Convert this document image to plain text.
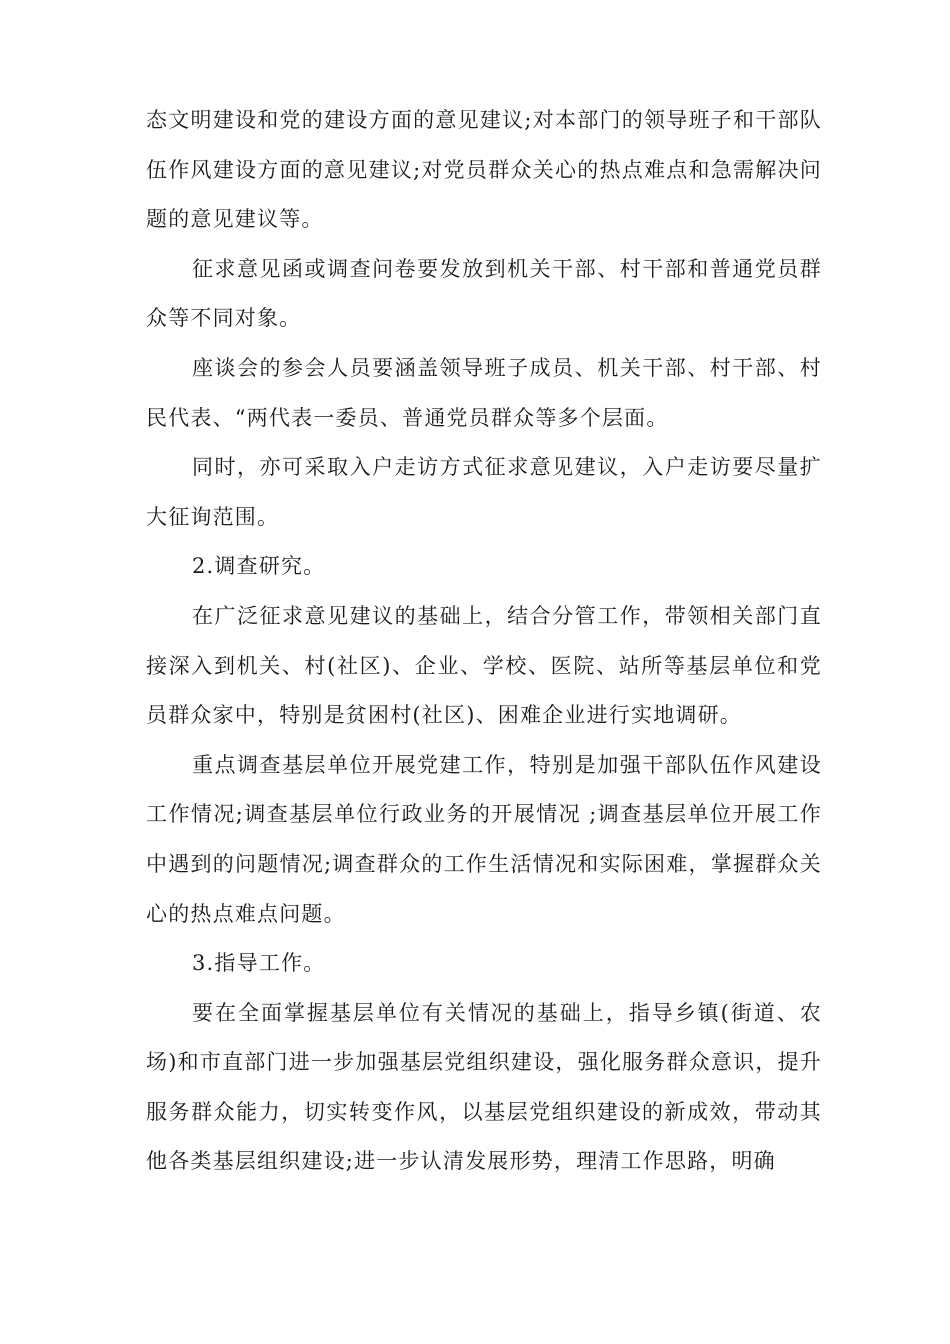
态文明建设和党的建设方面的意见建议;对本部门的领导班子和干部队伍作风建设方面的意见建议;对党员群众关心的热点难点和急需解决问题的意见建议等。

征求意见函或调查问卷要发放到机关干部、村干部和普通党员群众等不同对象。

座谈会的参会人员要涵盖领导班子成员、机关干部、村干部、村民代表、“两代表一委员、普通党员群众等多个层面。

同时，亦可采取入户走访方式征求意见建议，入户走访要尽量扩大征询范围。

2.调查研究。

在广泛征求意见建议的基础上，结合分管工作，带领相关部门直接深入到机关、村(社区)、企业、学校、医院、站所等基层单位和党员群众家中，特别是贫困村(社区)、困难企业进行实地调研。

重点调查基层单位开展党建工作，特别是加强干部队伍作风建设工作情况;调查基层单位行政业务的开展情况 ;调查基层单位开展工作中遇到的问题情况;调查群众的工作生活情况和实际困难，掌握群众关心的热点难点问题。

3.指导工作。

要在全面掌握基层单位有关情况的基础上，指导乡镇(街道、农场)和市直部门进一步加强基层党组织建设，强化服务群众意识，提升服务群众能力，切实转变作风，以基层党组织建设的新成效，带动其他各类基层组织建设;进一步认清发展形势，理清工作思路，明确
